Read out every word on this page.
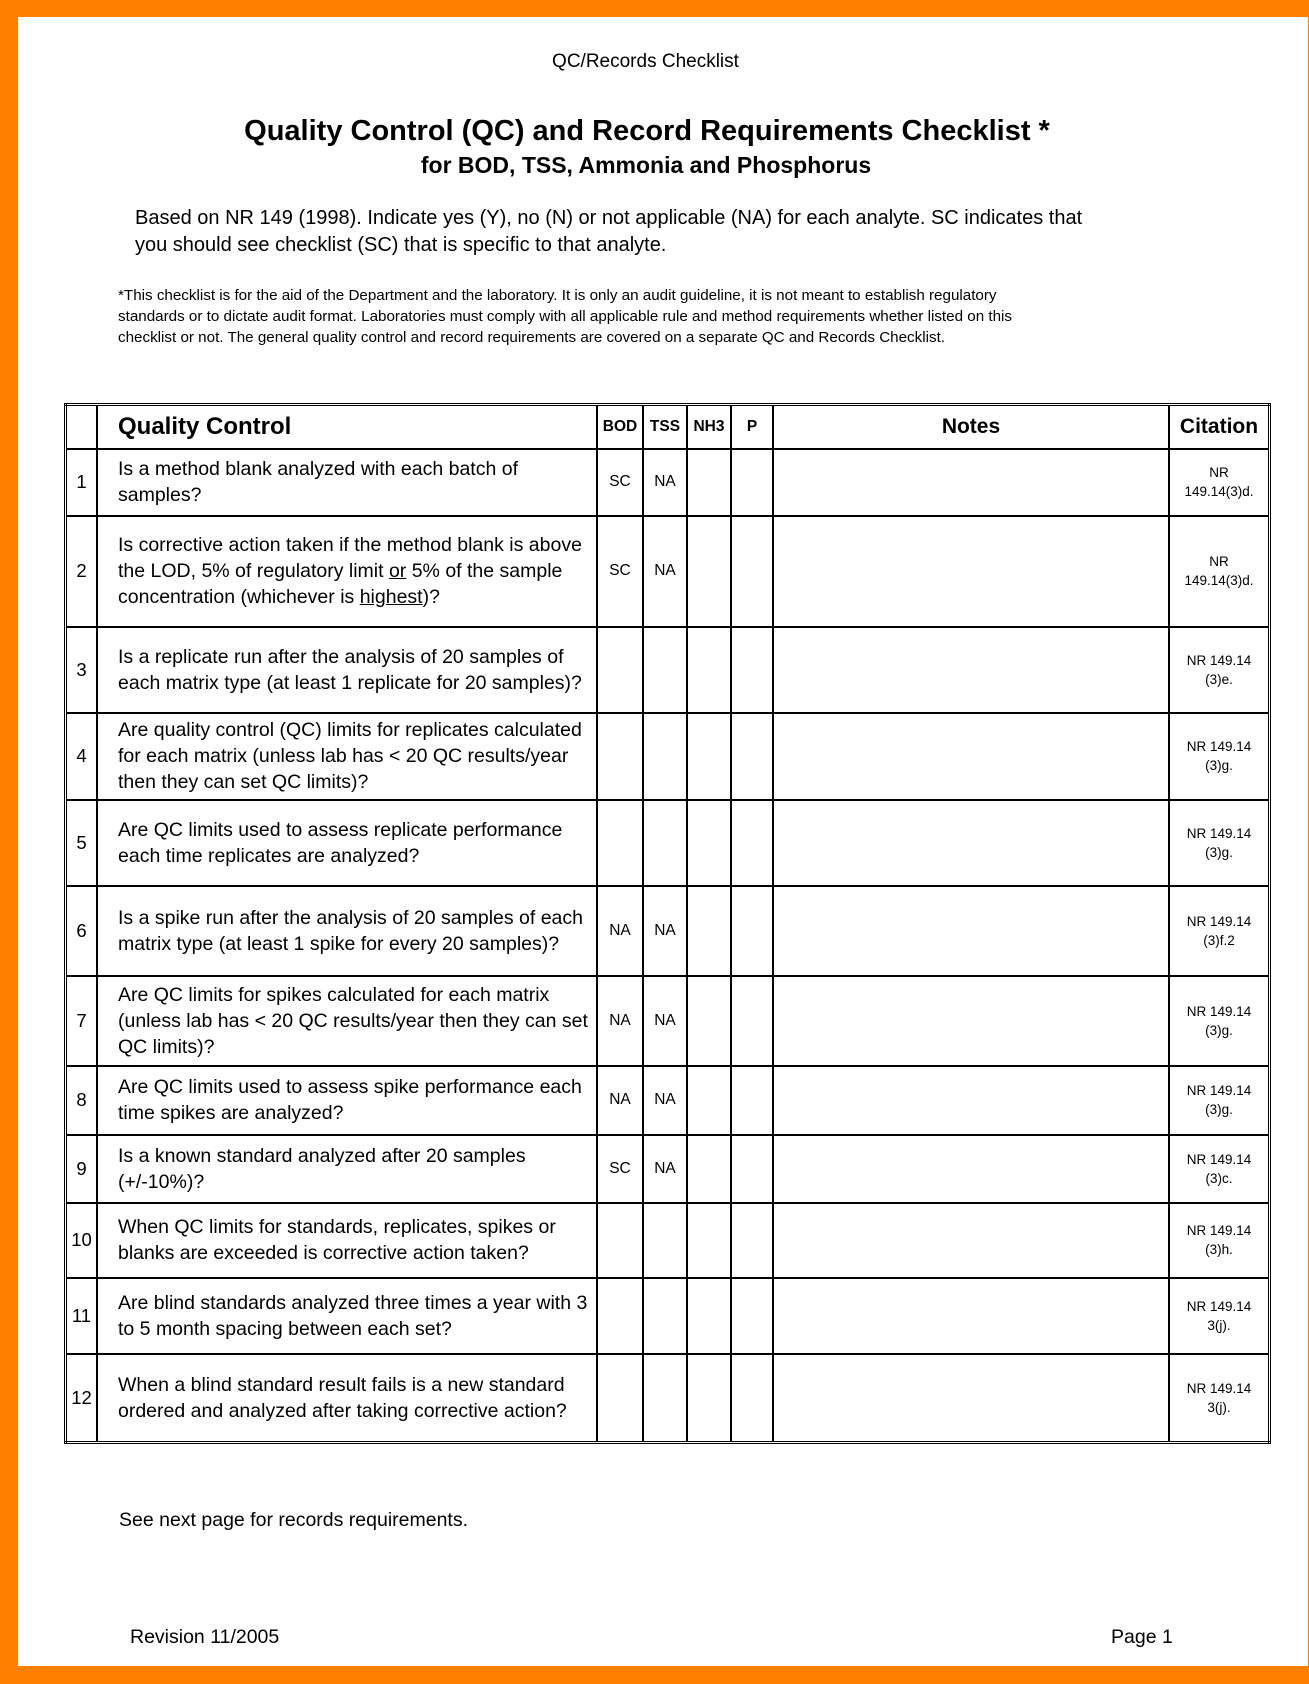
QC/Records Checklist
Quality Control (QC) and Record Requirements Checklist *
for BOD, TSS, Ammonia and Phosphorus

Based on NR 149 (1998). Indicate yes (Y), no (N) or not applicable (NA) for each analyte. SC indicates that

you should see checklist (SC) that is specific to that analyte.

*This checklist is for the aid of the Department and the laboratory. It is only an audit guideline, it is not meant to establish regulatory

standards or to dictate audit format. Laboratories must comply with all applicable rule and method requirements whether listed on this

checklist or not. The general quality control and record requirements are covered on a separate QC and Records Checklist.

	Quality Control	BOD	TSS	NH3	P	Notes	Citation
1	Is a method blank analyzed with each batch of samples?	SC	NA				NR
149.14(3)d.

2	Is corrective action taken if the method blank is above the LOD, 5% of regulatory limit or 5% of the sample concentration (whichever is highest)?	SC	NA				NR
149.14(3)d.

3	Is a replicate run after the analysis of 20 samples of each matrix type (at least 1 replicate for 20 samples)?						NR 149.14
(3)e.

4	Are quality control (QC) limits for replicates calculated for each matrix (unless lab has < 20 QC results/year then they can set QC limits)?						NR 149.14
(3)g.

5	Are QC limits used to assess replicate performance each time replicates are analyzed?						NR 149.14
(3)g.

6	Is a spike run after the analysis of 20 samples of each matrix type (at least 1 spike for every 20 samples)?	NA	NA				NR 149.14
(3)f.2

7	Are QC limits for spikes calculated for each matrix (unless lab has < 20 QC results/year then they can set QC limits)?	NA	NA				NR 149.14
(3)g.

8	Are QC limits used to assess spike performance each time spikes are analyzed?	NA	NA				NR 149.14
(3)g.

9	Is a known standard analyzed after 20 samples (+/-10%)?	SC	NA				NR 149.14
(3)c.

10	When QC limits for standards, replicates, spikes or blanks are exceeded is corrective action taken?						NR 149.14
(3)h.

11	Are blind standards analyzed three times a year with 3 to 5 month spacing between each set?						NR 149.14
3(j).

12	When a blind standard result fails is a new standard ordered and analyzed after taking corrective action?						NR 149.14
3(j).
See next page for records requirements.
Revision 11/2005	Page 1
